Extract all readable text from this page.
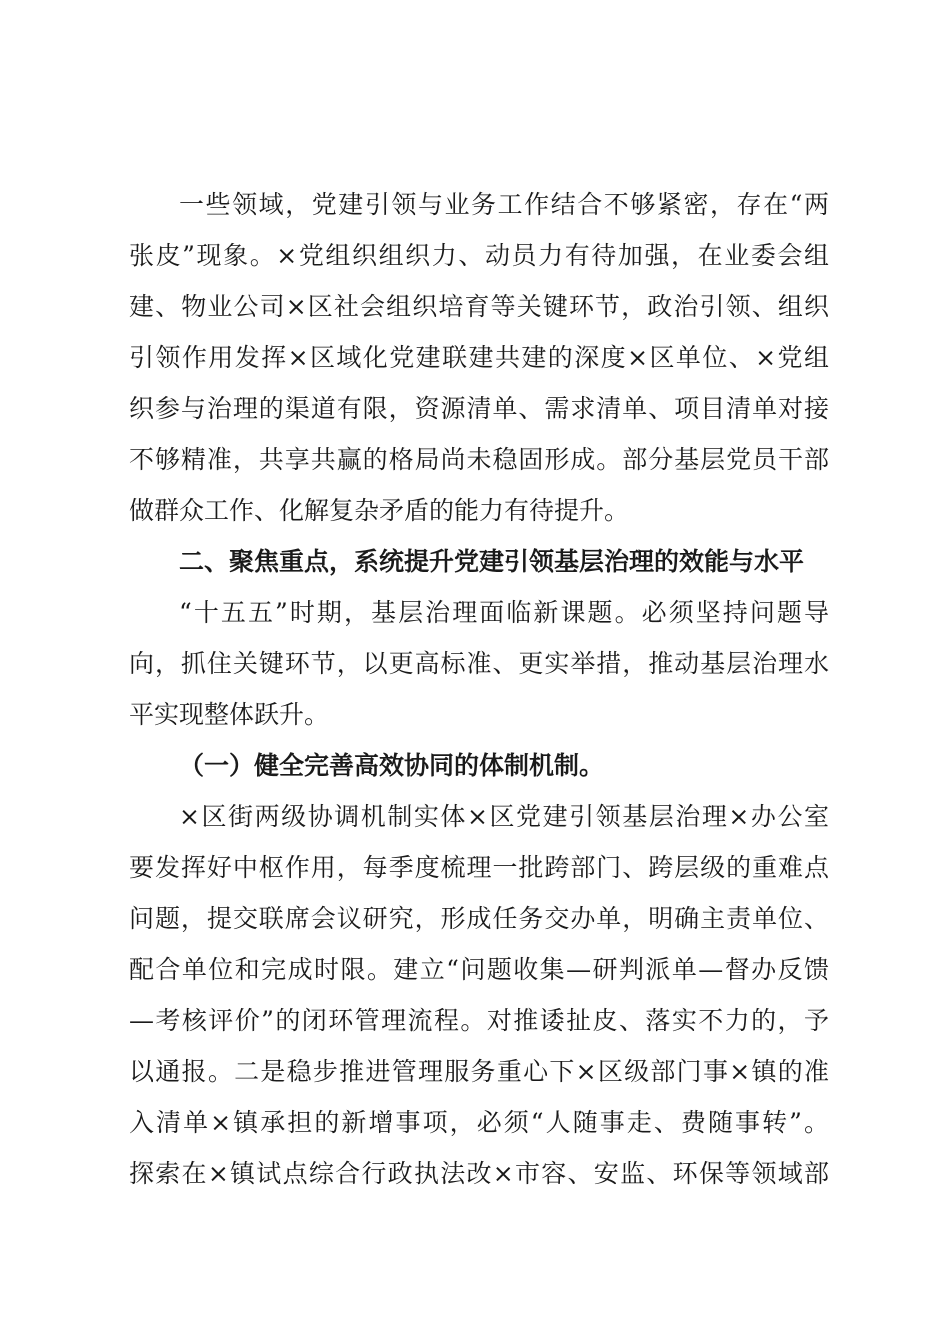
一些领域，党建引领与业务工作结合不够紧密，存在“两
张皮”现象。×党组织组织力、动员力有待加强，在业委会组
建、物业公司×区社会组织培育等关键环节，政治引领、组织
引领作用发挥×区域化党建联建共建的深度×区单位、×党组
织参与治理的渠道有限，资源清单、需求清单、项目清单对接
不够精准，共享共赢的格局尚未稳固形成。部分基层党员干部
做群众工作、化解复杂矛盾的能力有待提升。
二、聚焦重点，系统提升党建引领基层治理的效能与水平
“十五五”时期，基层治理面临新课题。必须坚持问题导
向，抓住关键环节，以更高标准、更实举措，推动基层治理水
平实现整体跃升。
（一）健全完善高效协同的体制机制。
×区街两级协调机制实体×区党建引领基层治理×办公室
要发挥好中枢作用，每季度梳理一批跨部门、跨层级的重难点
问题，提交联席会议研究，形成任务交办单，明确主责单位、
配合单位和完成时限。建立“问题收集—研判派单—督办反馈
—考核评价”的闭环管理流程。对推诿扯皮、落实不力的，予
以通报。二是稳步推进管理服务重心下×区级部门事×镇的准
入清单×镇承担的新增事项，必须“人随事走、费随事转”。
探索在×镇试点综合行政执法改×市容、安监、环保等领域部
